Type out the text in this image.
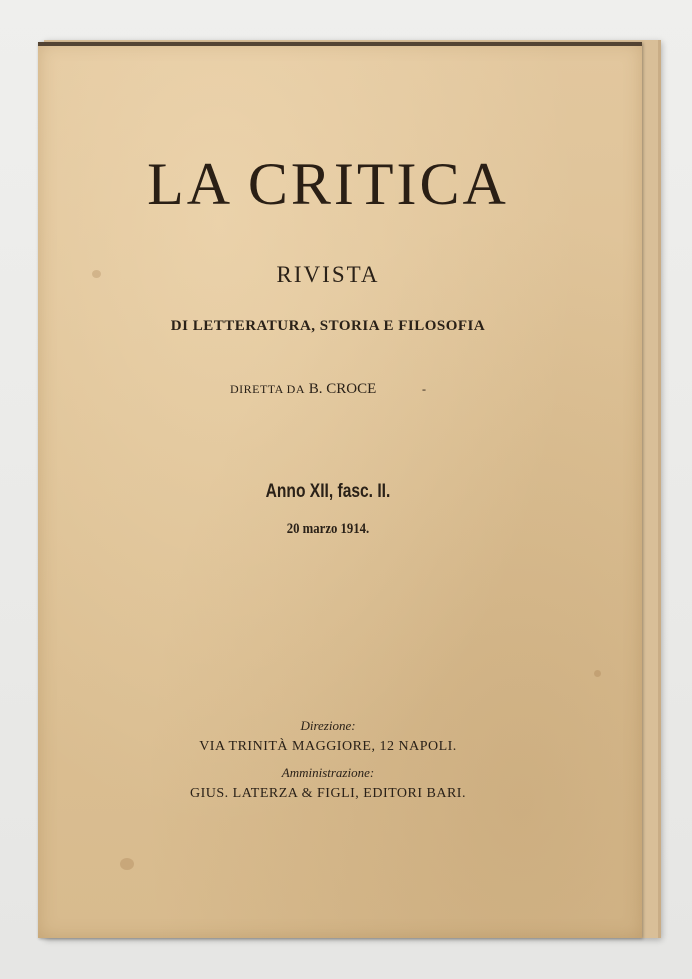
LA CRITICA
RIVISTA
DI LETTERATURA, STORIA E FILOSOFIA
DIRETTA DA B. CROCE	-
Anno XII, fasc. II.
20 marzo 1914.
Direzione:
VIA TRINITÀ MAGGIORE, 12 NAPOLI.
Amministrazione:
GIUS. LATERZA & FIGLI, EDITORI BARI.
